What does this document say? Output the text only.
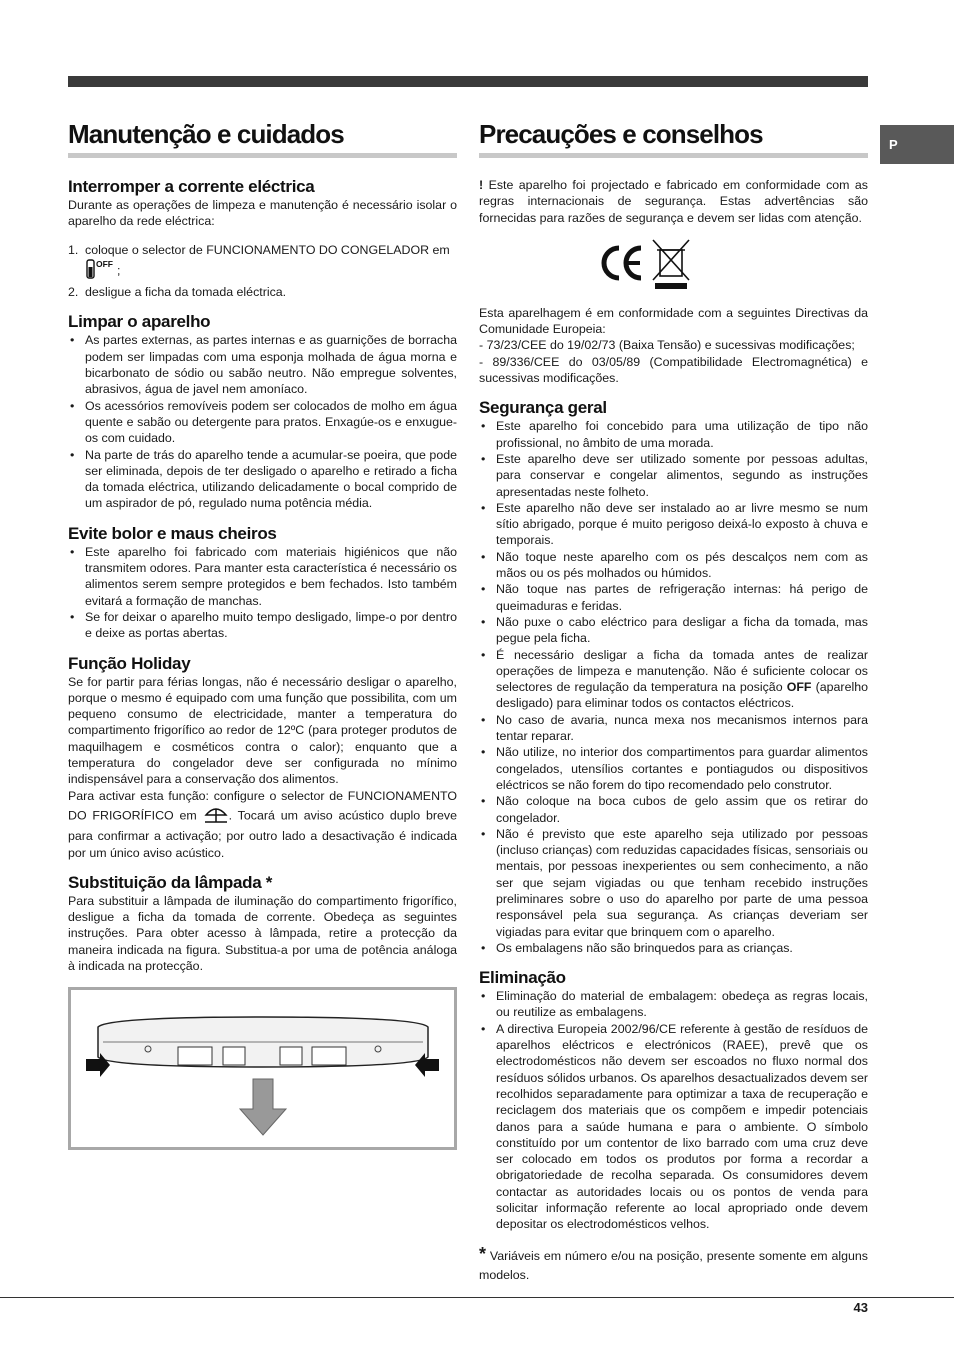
P
Manutenção e cuidados
Interromper a corrente eléctrica

Durante as operações de limpeza e manutenção é necessário isolar o aparelho da rede eléctrica:

1. coloque o selector de FUNCIONAMENTO DO CONGELADOR em
OFF ;
2. desligue a ficha da tomada eléctrica.
Limpar o aparelho
• As partes externas, as partes internas e as guarnições de borracha podem ser limpadas com uma esponja molhada de água morna e bicarbonato de sódio ou sabão neutro. Não empregue solventes, abrasivos, água de javel nem amoníaco.
• Os acessórios removíveis podem ser colocados de molho em água quente e sabão ou detergente para pratos. Enxagúe-os e enxugue-os com cuidado.
• Na parte de trás do aparelho tende a acumular-se poeira, que pode ser eliminada, depois de ter desligado o aparelho e retirado a ficha da tomada eléctrica, utilizando delicadamente o bocal comprido de um aspirador de pó, regulado numa potência média.
Evite bolor e maus cheiros
• Este aparelho foi fabricado com materiais higiénicos que não transmitem odores. Para manter esta característica é necessário os alimentos serem sempre protegidos e bem fechados. Isto também evitará a formação de manchas.
• Se for deixar o aparelho muito tempo desligado, limpe-o por dentro e deixe as portas abertas.
Função Holiday

Se for partir para férias longas, não é necessário desligar o aparelho, porque o mesmo é equipado com uma função que possibilita, com um pequeno consumo de electricidade, manter a temperatura do compartimento frigorífico ao redor de 12ºC (para proteger produtos de maquilhagem e cosméticos contra o calor); enquanto que a temperatura do congelador deve ser configurada no mínimo indispensável para a conservação dos alimentos.

Para activar esta função: configure o selector de FUNCIONAMENTO DO FRIGORÍFICO em	. Tocará um aviso acústico duplo breve para confirmar a activação; por outro lado a desactivação é indicada por um único aviso acústico.

Substituição da lâmpada *

Para substituir a lâmpada de iluminação do compartimento frigorífico, desligue a ficha da tomada de corrente. Obedeça as seguintes instruções. Para obter acesso à lâmpada, retire a protecção da maneira indicada na figura. Substitua-a por uma de potência análoga à indicada na protecção.

Precauções e conselhos

! Este aparelho foi projectado e fabricado em conformidade com as regras internacionais de segurança. Estas advertências são fornecidas para razões de segurança e devem ser lidas com atenção.

Esta aparelhagem é em conformidade com a seguintes Directivas da Comunidade Europeia:

- 73/23/CEE do 19/02/73 (Baixa Tensão) e sucessivas modificações;

- 89/336/CEE do 03/05/89 (Compatibilidade Electromagnética) e sucessivas modificações.

Segurança geral
• Este aparelho foi concebido para uma utilização de tipo não profissional, no âmbito de uma morada.
• Este aparelho deve ser utilizado somente por pessoas adultas, para conservar e congelar alimentos, segundo as instruções apresentadas neste folheto.
• Este aparelho não deve ser instalado ao ar livre mesmo se num sítio abrigado, porque é muito perigoso deixá-lo exposto à chuva e temporais.
• Não toque neste aparelho com os pés descalços nem com as mãos ou os pés molhados ou húmidos.
• Não toque nas partes de refrigeração internas: há perigo de queimaduras e feridas.
• Não puxe o cabo eléctrico para desligar a ficha da tomada, mas pegue pela ficha.
• É necessário desligar a ficha da tomada antes de realizar operações de limpeza e manutenção. Não é suficiente colocar os selectores de regulação da temperatura na posição OFF (aparelho desligado) para eliminar todos os contactos eléctricos.
• No caso de avaria, nunca mexa nos mecanismos internos para tentar reparar.
• Não utilize, no interior dos compartimentos para guardar alimentos congelados, utensílios cortantes e pontiagudos ou dispositivos eléctricos se não forem do tipo recomendado pelo construtor.
• Não coloque na boca cubos de gelo assim que os retirar do congelador.
• Não é previsto que este aparelho seja utilizado por pessoas (incluso crianças) com reduzidas capacidades físicas, sensoriais ou mentais, por pessoas inexperientes ou sem conhecimento, a não ser que sejam vigiadas ou que tenham recebido instruções preliminares sobre o uso do aparelho por parte de uma pessoa responsável pela sua segurança. As crianças deveriam ser vigiadas para evitar que brinquem com o aparelho.
• Os embalagens não são brinquedos para as crianças.
Eliminação
• Eliminação do material de embalagem: obedeça as regras locais, ou reutilize as embalagens.
• A directiva Europeia 2002/96/CE referente à gestão de resíduos de aparelhos eléctricos e electrónicos (RAEE), prevê que os electrodomésticos não devem ser escoados no fluxo normal dos resíduos sólidos urbanos. Os aparelhos desactualizados devem ser recolhidos separadamente para optimizar a taxa de recuperação e reciclagem dos materiais que os compõem e impedir potenciais danos para a saúde humana e para o ambiente. O símbolo constituído por um contentor de lixo barrado com uma cruz deve ser colocado em todos os produtos por forma a recordar a obrigatoriedade de recolha separada. Os consumidores devem contactar as autoridades locais ou os pontos de venda para solicitar informação referente ao local apropriado onde devem depositar os electrodomésticos velhos.

* Variáveis em número e/ou na posição, presente somente em alguns modelos.

43
